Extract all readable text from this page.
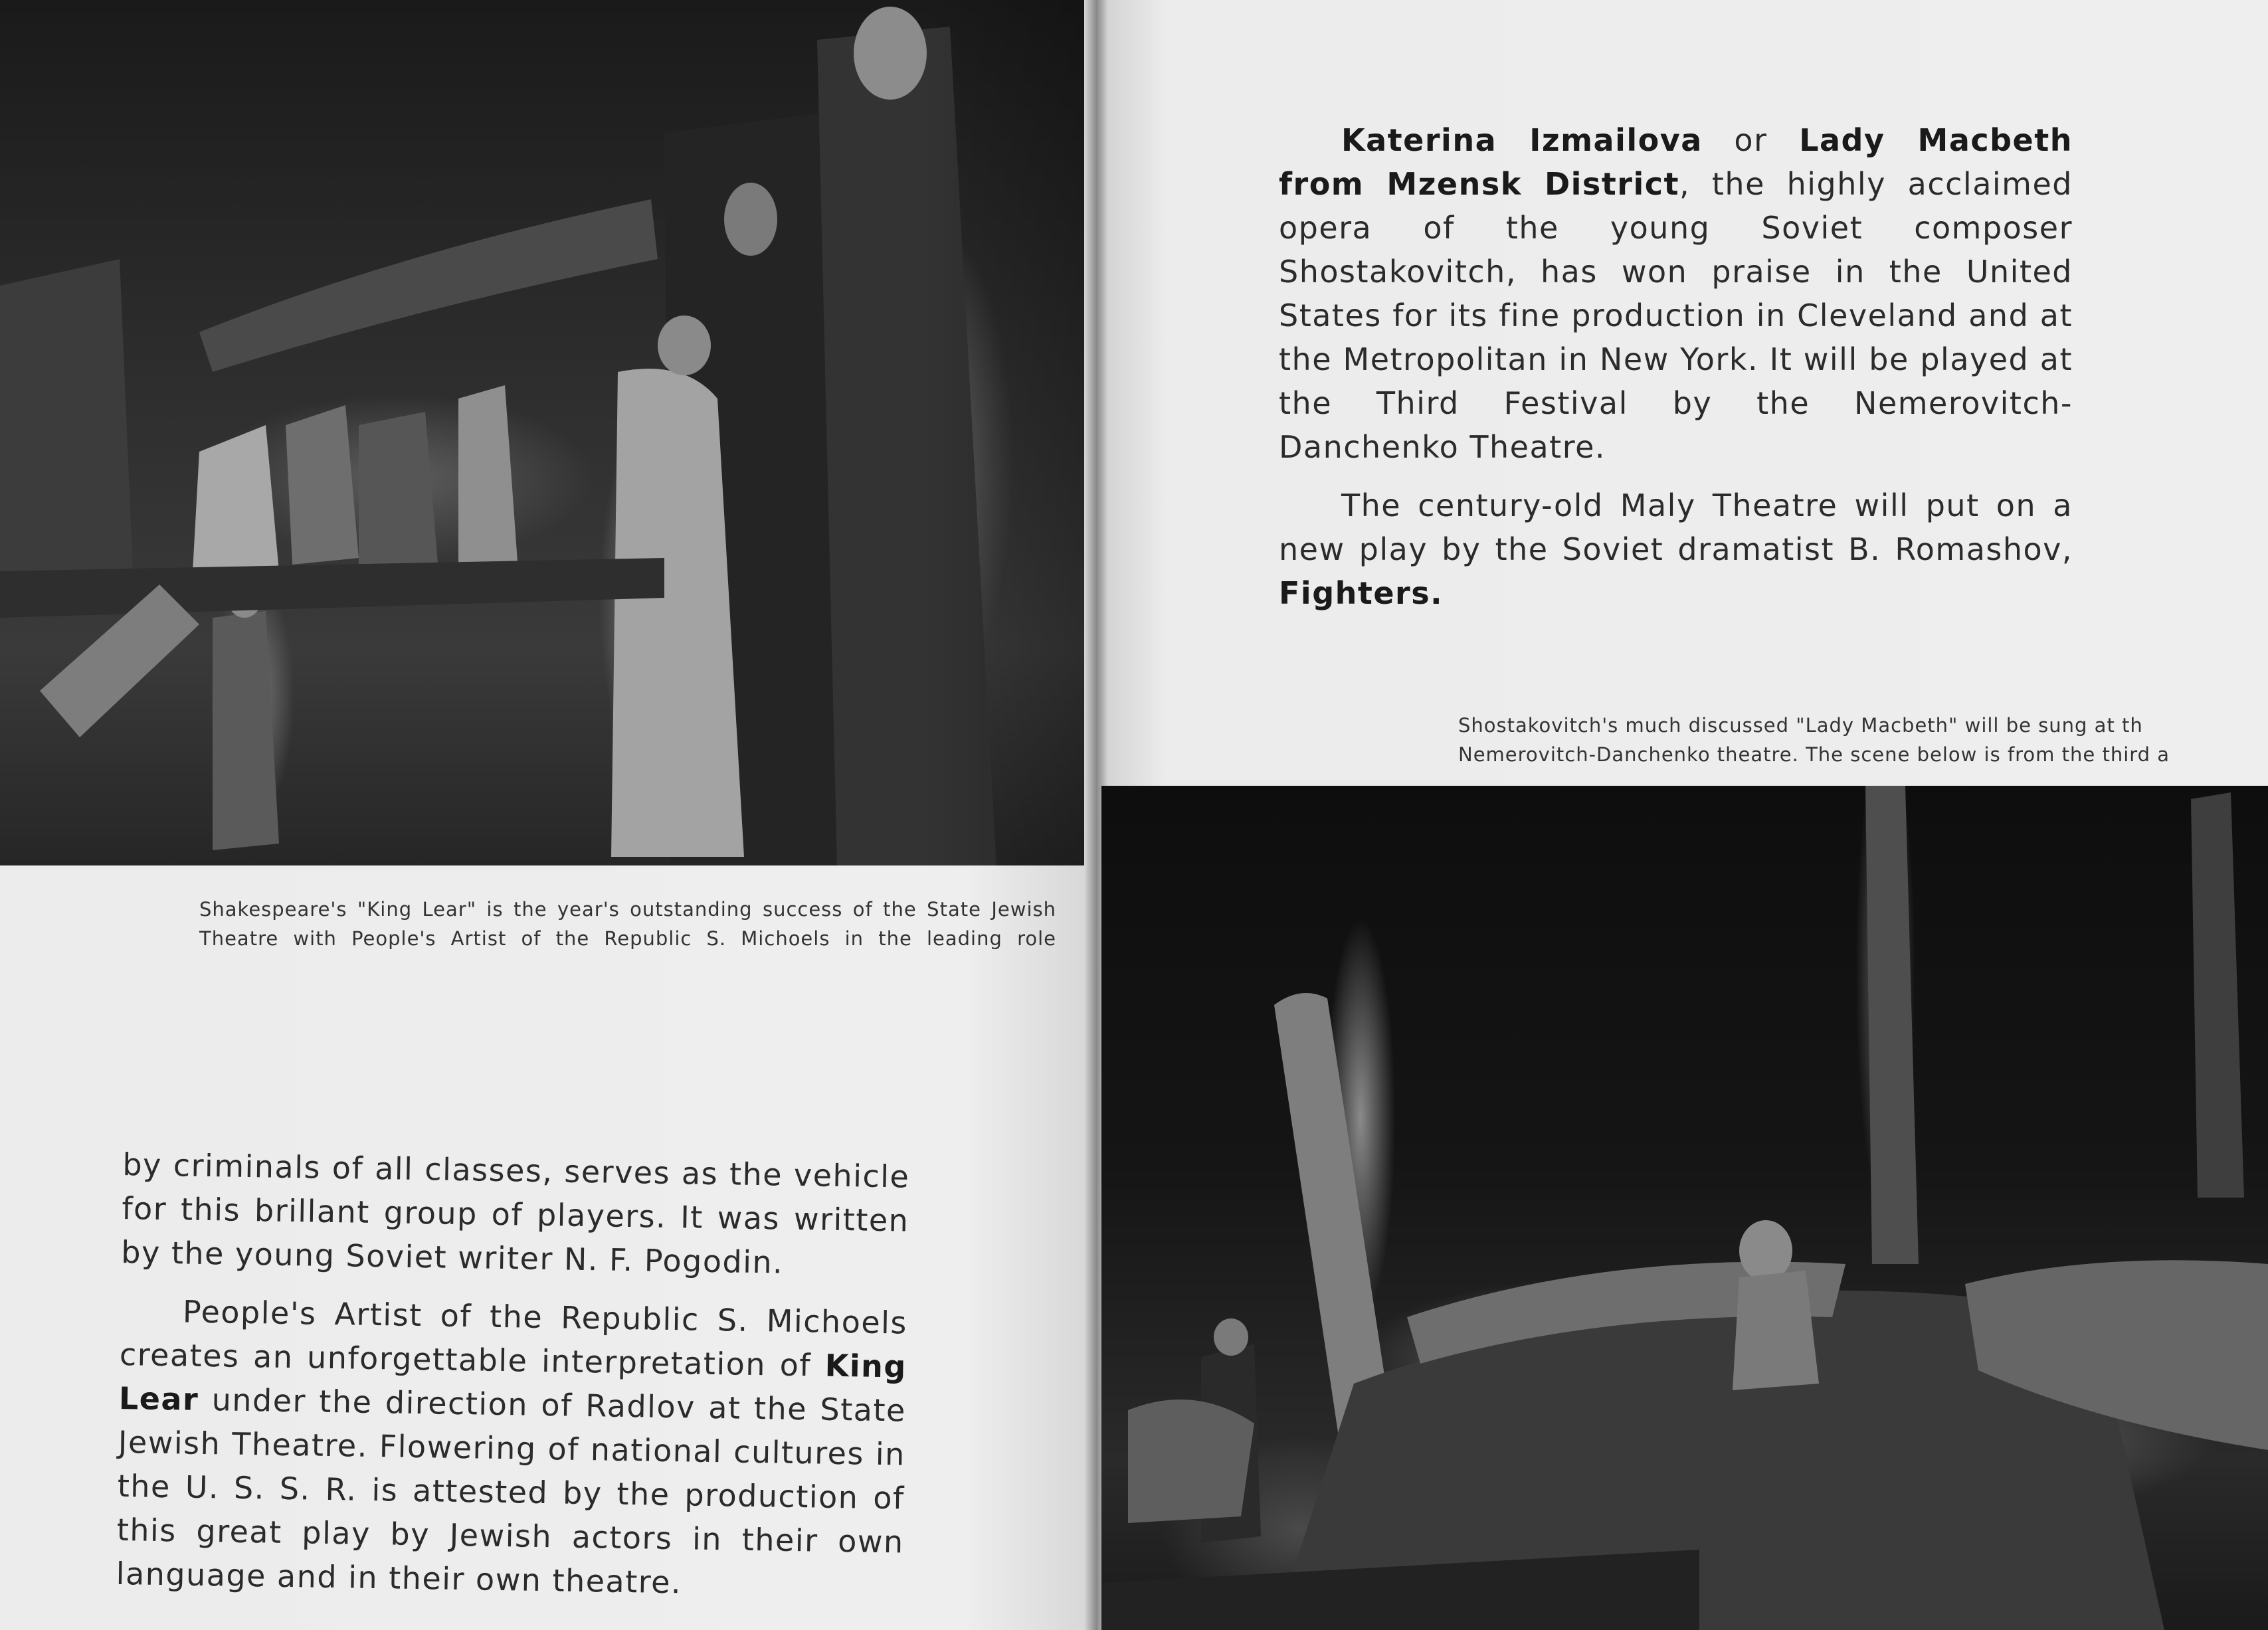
Shakespeare's "King Lear" is the year's outstanding success of the State Jewish Theatre with People's Artist of the Republic S. Michoels in the leading role

by criminals of all classes, serves as the vehicle for this brillant group of players. It was written by the young Soviet writer N. F. Pogodin.

People's Artist of the Republic S. Michoels creates an unforgettable interpretation of King Lear under the direction of Radlov at the State Jewish Theatre. Flowering of national cultures in the U. S. S. R. is attested by the production of this great play by Jewish actors in their own language and in their own theatre.

Katerina Izmailova or Lady Macbeth from Mzensk District, the highly acclaimed opera of the young Soviet composer Shostakovitch, has won praise in the United States for its fine production in Cleveland and at the Metropolitan in New York. It will be played at the Third Festival by the Nemerovitch-Danchenko Theatre.

The century-old Maly Theatre will put on a new play by the Soviet dramatist B. Romashov, Fighters.

Shostakovitch's much discussed "Lady Macbeth" will be sung at th
Nemerovitch-Danchenko theatre. The scene below is from the third a
